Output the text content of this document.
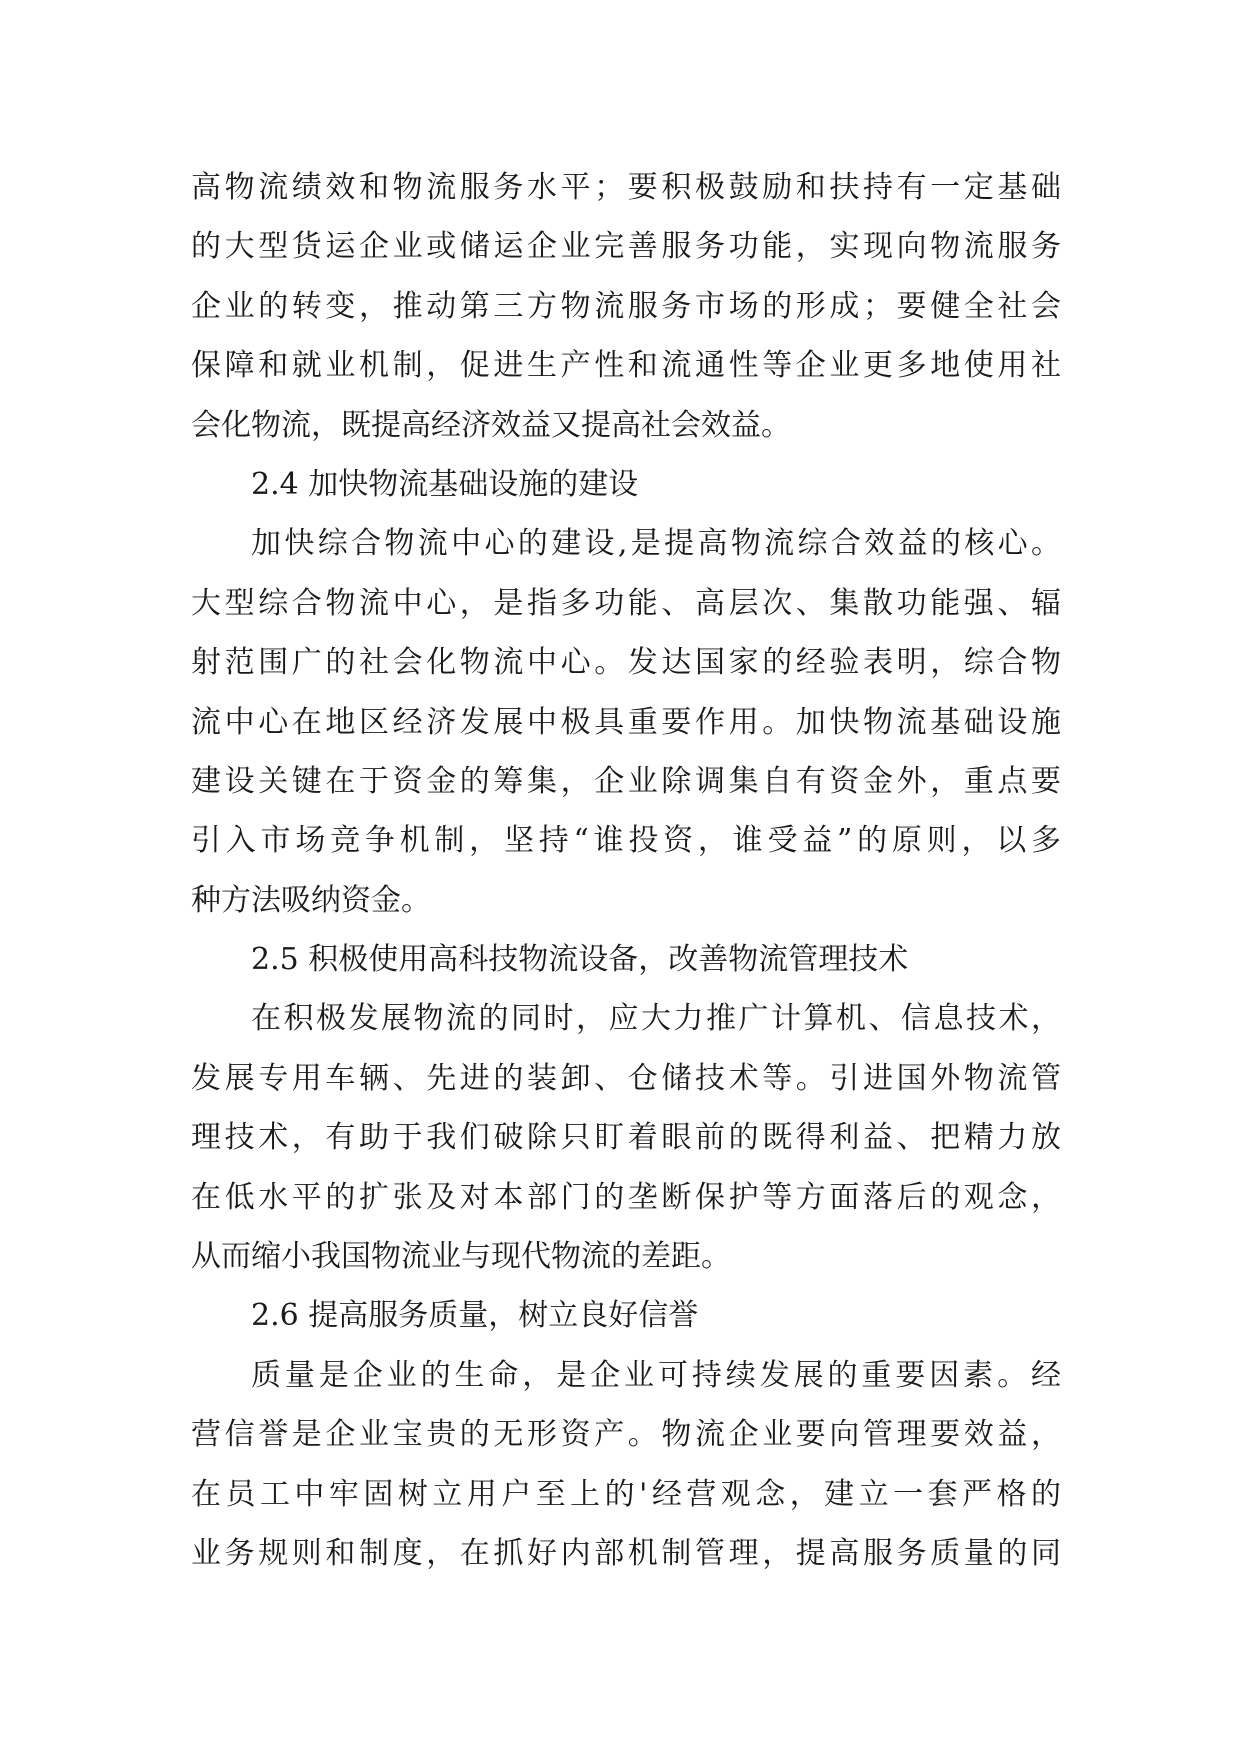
高物流绩效和物流服务水平；要积极鼓励和扶持有一定基础
的大型货运企业或储运企业完善服务功能，实现向物流服务
企业的转变，推动第三方物流服务市场的形成；要健全社会
保障和就业机制，促进生产性和流通性等企业更多地使用社
会化物流，既提高经济效益又提高社会效益。
2.4 加快物流基础设施的建设
加快综合物流中心的建设,是提高物流综合效益的核心。
大型综合物流中心，是指多功能、高层次、集散功能强、辐
射范围广的社会化物流中心。发达国家的经验表明，综合物
流中心在地区经济发展中极具重要作用。加快物流基础设施
建设关键在于资金的筹集，企业除调集自有资金外，重点要
引入市场竞争机制，坚持“谁投资，谁受益”的原则，以多
种方法吸纳资金。
2.5 积极使用高科技物流设备，改善物流管理技术
在积极发展物流的同时，应大力推广计算机、信息技术，
发展专用车辆、先进的装卸、仓储技术等。引进国外物流管
理技术，有助于我们破除只盯着眼前的既得利益、把精力放
在低水平的扩张及对本部门的垄断保护等方面落后的观念，
从而缩小我国物流业与现代物流的差距。
2.6 提高服务质量，树立良好信誉
质量是企业的生命，是企业可持续发展的重要因素。经
营信誉是企业宝贵的无形资产。物流企业要向管理要效益，
在员工中牢固树立用户至上的'经营观念，建立一套严格的
业务规则和制度，在抓好内部机制管理，提高服务质量的同
